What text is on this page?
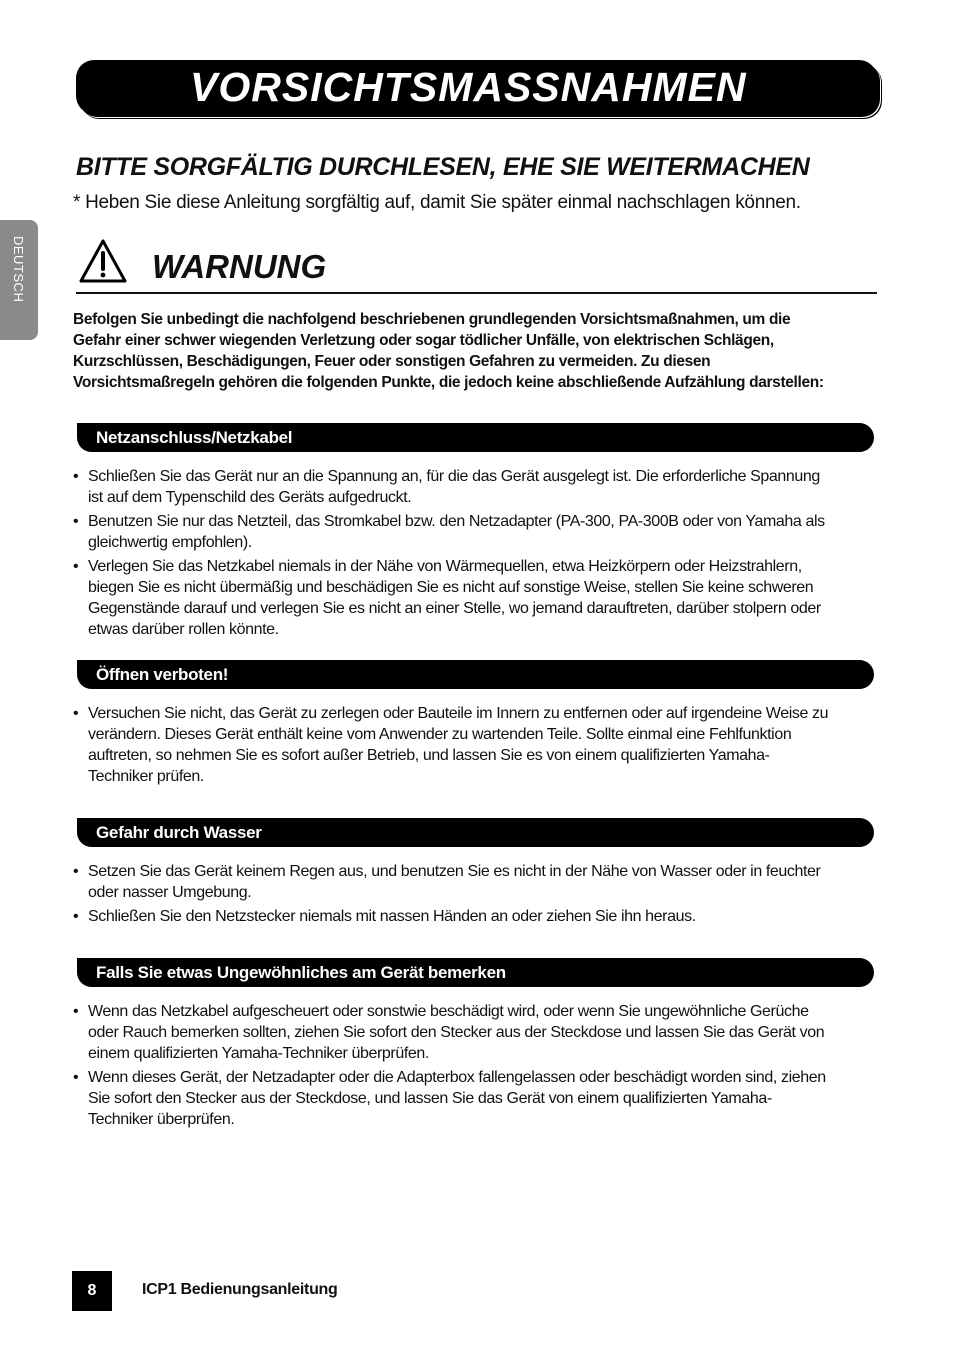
VORSICHTSMASSNAHMEN
BITTE SORGFÄLTIG DURCHLESEN, EHE SIE WEITERMACHEN
* Heben Sie diese Anleitung sorgfältig auf, damit Sie später einmal nachschlagen können.
DEUTSCH	WARNUNG
Befolgen Sie unbedingt die nachfolgend beschriebenen grundlegenden Vorsichtsmaßnahmen, um die
Gefahr einer schwer wiegenden Verletzung oder sogar tödlicher Unfälle, von elektrischen Schlägen,
Kurzschlüssen, Beschädigungen, Feuer oder sonstigen Gefahren zu vermeiden. Zu diesen
Vorsichtsmaßregeln gehören die folgenden Punkte, die jedoch keine abschließende Aufzählung darstellen:
Netzanschluss/Netzkabel
• Schließen Sie das Gerät nur an die Spannung an, für die das Gerät ausgelegt ist. Die erforderliche Spannung
ist auf dem Typenschild des Geräts aufgedruckt.
• Benutzen Sie nur das Netzteil, das Stromkabel bzw. den Netzadapter (PA-300, PA-300B oder von Yamaha als
gleichwertig empfohlen).
• Verlegen Sie das Netzkabel niemals in der Nähe von Wärmequellen, etwa Heizkörpern oder Heizstrahlern,
biegen Sie es nicht übermäßig und beschädigen Sie es nicht auf sonstige Weise, stellen Sie keine schweren
Gegenstände darauf und verlegen Sie es nicht an einer Stelle, wo jemand darauftreten, darüber stolpern oder
etwas darüber rollen könnte.
Öffnen verboten!
• Versuchen Sie nicht, das Gerät zu zerlegen oder Bauteile im Innern zu entfernen oder auf irgendeine Weise zu
verändern. Dieses Gerät enthält keine vom Anwender zu wartenden Teile. Sollte einmal eine Fehlfunktion
auftreten, so nehmen Sie es sofort außer Betrieb, und lassen Sie es von einem qualifizierten Yamaha-
Techniker prüfen.
Gefahr durch Wasser
• Setzen Sie das Gerät keinem Regen aus, und benutzen Sie es nicht in der Nähe von Wasser oder in feuchter
oder nasser Umgebung.
• Schließen Sie den Netzstecker niemals mit nassen Händen an oder ziehen Sie ihn heraus.
Falls Sie etwas Ungewöhnliches am Gerät bemerken
• Wenn das Netzkabel aufgescheuert oder sonstwie beschädigt wird, oder wenn Sie ungewöhnliche Gerüche
oder Rauch bemerken sollten, ziehen Sie sofort den Stecker aus der Steckdose und lassen Sie das Gerät von
einem qualifizierten Yamaha-Techniker überprüfen.
• Wenn dieses Gerät, der Netzadapter oder die Adapterbox fallengelassen oder beschädigt worden sind, ziehen
Sie sofort den Stecker aus der Steckdose, und lassen Sie das Gerät von einem qualifizierten Yamaha-
Techniker überprüfen.
8	ICP1 Bedienungsanleitung
